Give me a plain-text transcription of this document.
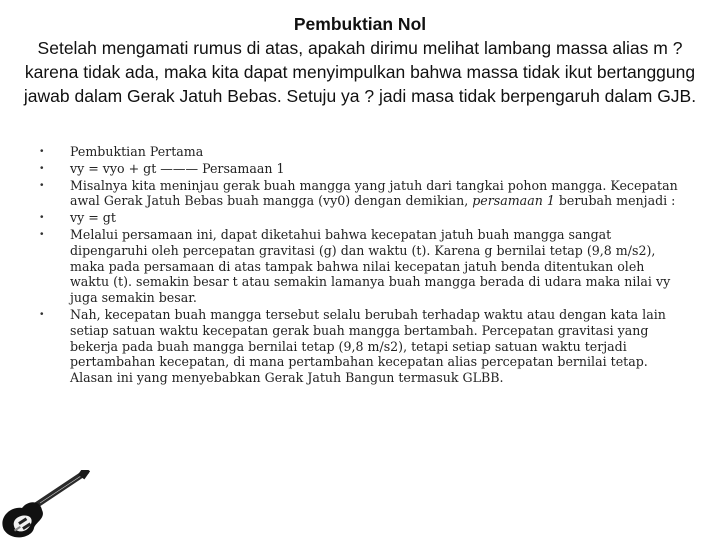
Pembuktian Nol
Setelah mengamati rumus di atas, apakah dirimu melihat lambang massa alias m ? karena tidak ada, maka kita dapat menyimpulkan bahwa massa tidak ikut bertanggung jawab dalam Gerak Jatuh Bebas. Setuju ya ? jadi masa tidak berpengaruh dalam GJB.
• Pembuktian Pertama
• vy = vyo + gt ——— Persamaan 1
• Misalnya kita meninjau gerak buah mangga yang jatuh dari tangkai pohon mangga. Kecepatan awal Gerak Jatuh Bebas buah mangga (vy0) dengan demikian, persamaan 1 berubah menjadi :
• vy = gt
• Melalui persamaan ini, dapat diketahui bahwa kecepatan jatuh buah mangga sangat dipengaruhi oleh percepatan gravitasi (g) dan waktu (t). Karena g bernilai tetap (9,8 m/s2), maka pada persamaan di atas tampak bahwa nilai kecepatan jatuh benda ditentukan oleh waktu (t). semakin besar t atau semakin lamanya buah mangga berada di udara maka nilai vy juga semakin besar.
• Nah, kecepatan buah mangga tersebut selalu berubah terhadap waktu atau dengan kata lain setiap satuan waktu kecepatan gerak buah mangga bertambah. Percepatan gravitasi yang bekerja pada buah mangga bernilai tetap (9,8 m/s2), tetapi setiap satuan waktu terjadi pertambahan kecepatan, di mana pertambahan kecepatan alias percepatan bernilai tetap. Alasan ini yang menyebabkan Gerak Jatuh Bangun termasuk GLBB.
